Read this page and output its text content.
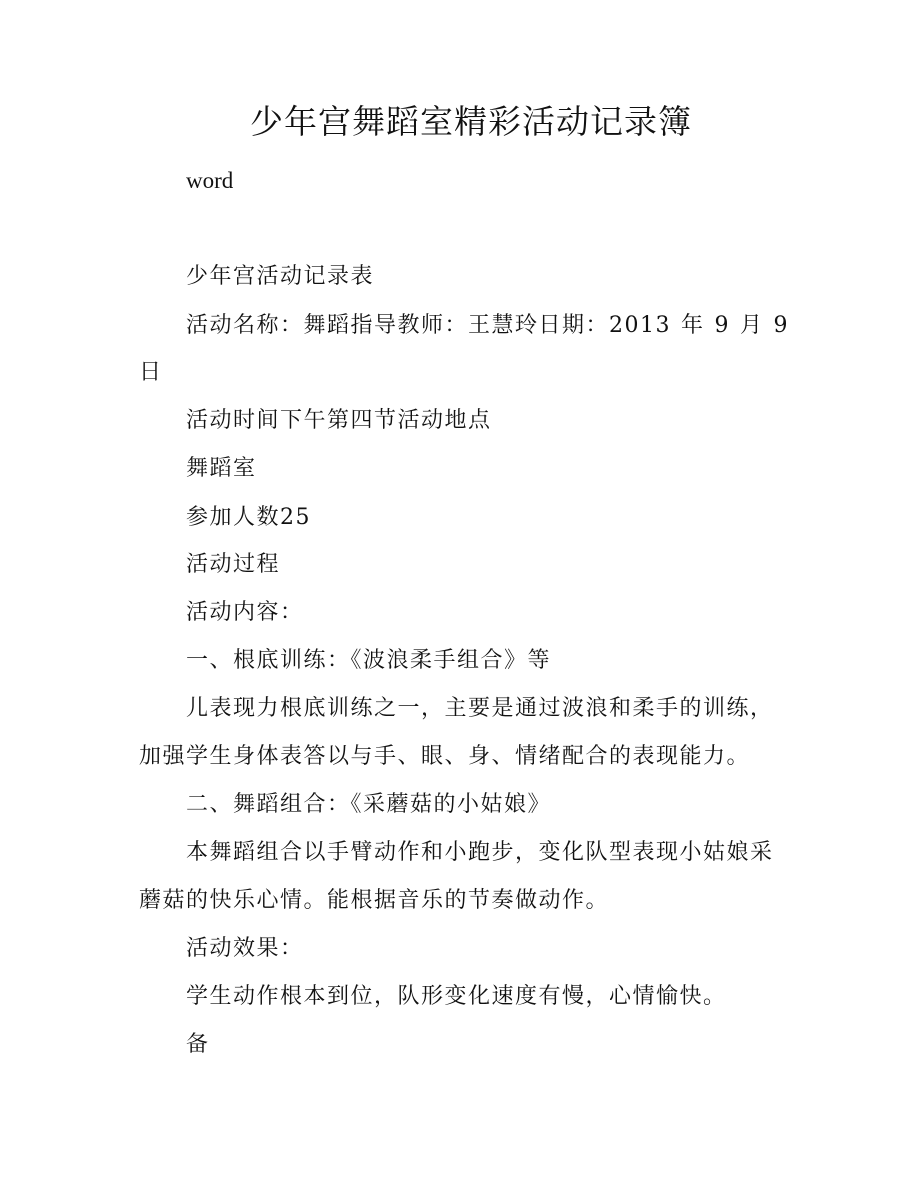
少年宫舞蹈室精彩活动记录簿
word
少年宫活动记录表
活动名称：舞蹈指导教师：王慧玲日期：2013 年 9 月 9
日
活动时间下午第四节活动地点
舞蹈室
参加人数25
活动过程
活动内容：
一、根底训练：《波浪柔手组合》等
儿表现力根底训练之一，主要是通过波浪和柔手的训练，
加强学生身体表答以与手、眼、身、情绪配合的表现能力。
二、舞蹈组合：《采蘑菇的小姑娘》
本舞蹈组合以手臂动作和小跑步，变化队型表现小姑娘采
蘑菇的快乐心情。能根据音乐的节奏做动作。
活动效果：
学生动作根本到位，队形变化速度有慢，心情愉快。
备
